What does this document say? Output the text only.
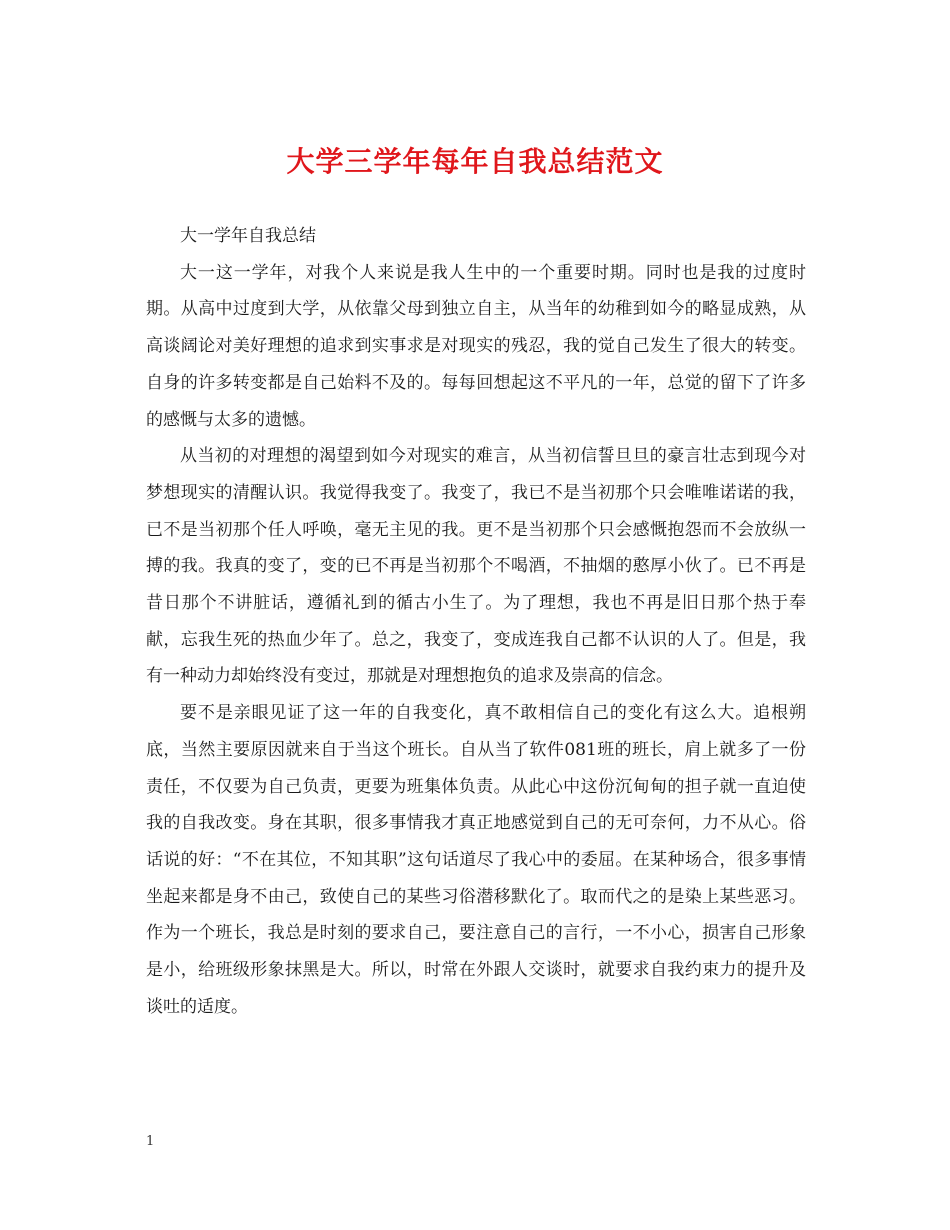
大学三学年每年自我总结范文

大一学年自我总结

大一这一学年，对我个人来说是我人生中的一个重要时期。同时也是我的过度时期。从高中过度到大学，从依靠父母到独立自主，从当年的幼稚到如今的略显成熟，从高谈阔论对美好理想的追求到实事求是对现实的残忍，我的觉自己发生了很大的转变。自身的许多转变都是自己始料不及的。每每回想起这不平凡的一年，总觉的留下了许多的感慨与太多的遗憾。

从当初的对理想的渴望到如今对现实的难言，从当初信誓旦旦的豪言壮志到现今对梦想现实的清醒认识。我觉得我变了。我变了，我已不是当初那个只会唯唯诺诺的我，已不是当初那个任人呼唤，毫无主见的我。更不是当初那个只会感慨抱怨而不会放纵一搏的我。我真的变了，变的已不再是当初那个不喝酒，不抽烟的憨厚小伙了。已不再是昔日那个不讲脏话，遵循礼到的循古小生了。为了理想，我也不再是旧日那个热于奉献，忘我生死的热血少年了。总之，我变了，变成连我自己都不认识的人了。但是，我有一种动力却始终没有变过，那就是对理想抱负的追求及崇高的信念。

要不是亲眼见证了这一年的自我变化，真不敢相信自己的变化有这么大。追根朔底，当然主要原因就来自于当这个班长。自从当了软件081班的班长，肩上就多了一份责任，不仅要为自己负责，更要为班集体负责。从此心中这份沉甸甸的担子就一直迫使我的自我改变。身在其职，很多事情我才真正地感觉到自己的无可奈何，力不从心。俗话说的好：“不在其位，不知其职”这句话道尽了我心中的委屈。在某种场合，很多事情坐起来都是身不由己，致使自己的某些习俗潜移默化了。取而代之的是染上某些恶习。作为一个班长，我总是时刻的要求自己，要注意自己的言行，一不小心，损害自己形象是小，给班级形象抹黑是大。所以，时常在外跟人交谈时，就要求自我约束力的提升及谈吐的适度。

1
